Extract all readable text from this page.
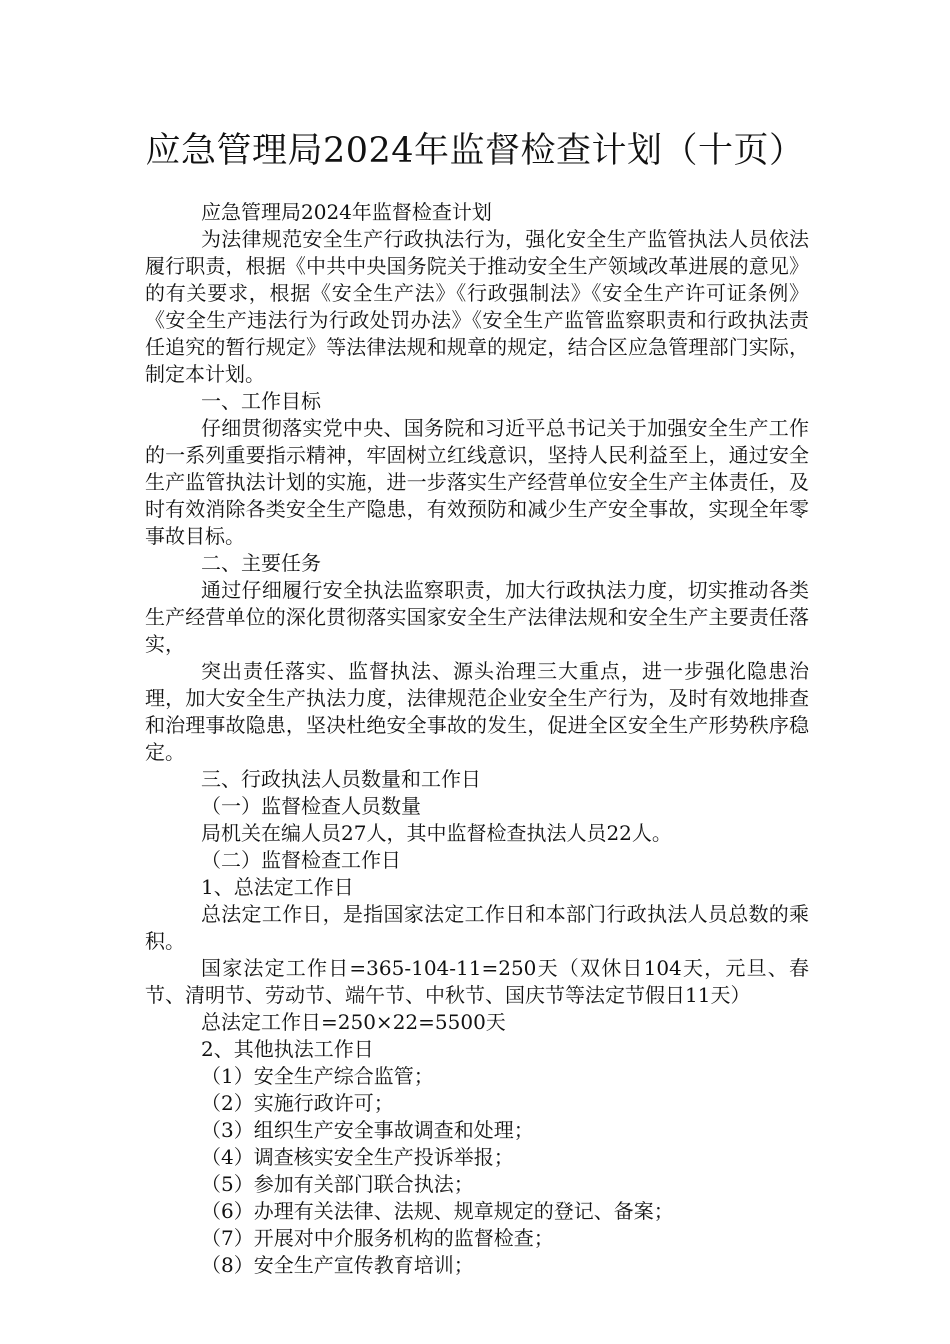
应急管理局2024年监督检查计划（十页）

应急管理局2024年监督检查计划

为法律规范安全生产行政执法行为，强化安全生产监管执法人员依法履行职责，根据《中共中央国务院关于推动安全生产领域改革进展的意见》的有关要求，根据《安全生产法》《行政强制法》《安全生产许可证条例》《安全生产违法行为行政处罚办法》《安全生产监管监察职责和行政执法责任追究的暂行规定》等法律法规和规章的规定，结合区应急管理部门实际，制定本计划。

一、工作目标

仔细贯彻落实党中央、国务院和习近平总书记关于加强安全生产工作的一系列重要指示精神，牢固树立红线意识，坚持人民利益至上，通过安全生产监管执法计划的实施，进一步落实生产经营单位安全生产主体责任，及时有效消除各类安全生产隐患，有效预防和减少生产安全事故，实现全年零事故目标。

二、主要任务

通过仔细履行安全执法监察职责，加大行政执法力度，切实推动各类生产经营单位的深化贯彻落实国家安全生产法律法规和安全生产主要责任落实，

突出责任落实、监督执法、源头治理三大重点，进一步强化隐患治理，加大安全生产执法力度，法律规范企业安全生产行为，及时有效地排查和治理事故隐患，坚决杜绝安全事故的发生，促进全区安全生产形势秩序稳定。

三、行政执法人员数量和工作日

（一）监督检查人员数量

局机关在编人员27人，其中监督检查执法人员22人。

（二）监督检查工作日

1、总法定工作日

总法定工作日，是指国家法定工作日和本部门行政执法人员总数的乘积。

国家法定工作日=365-104-11=250天（双休日104天，元旦、春节、清明节、劳动节、端午节、中秋节、国庆节等法定节假日11天）

总法定工作日=250×22=5500天

2、其他执法工作日

（1）安全生产综合监管；

（2）实施行政许可；

（3）组织生产安全事故调查和处理；

（4）调查核实安全生产投诉举报；

（5）参加有关部门联合执法；

（6）办理有关法律、法规、规章规定的登记、备案；

（7）开展对中介服务机构的监督检查；

（8）安全生产宣传教育培训；
